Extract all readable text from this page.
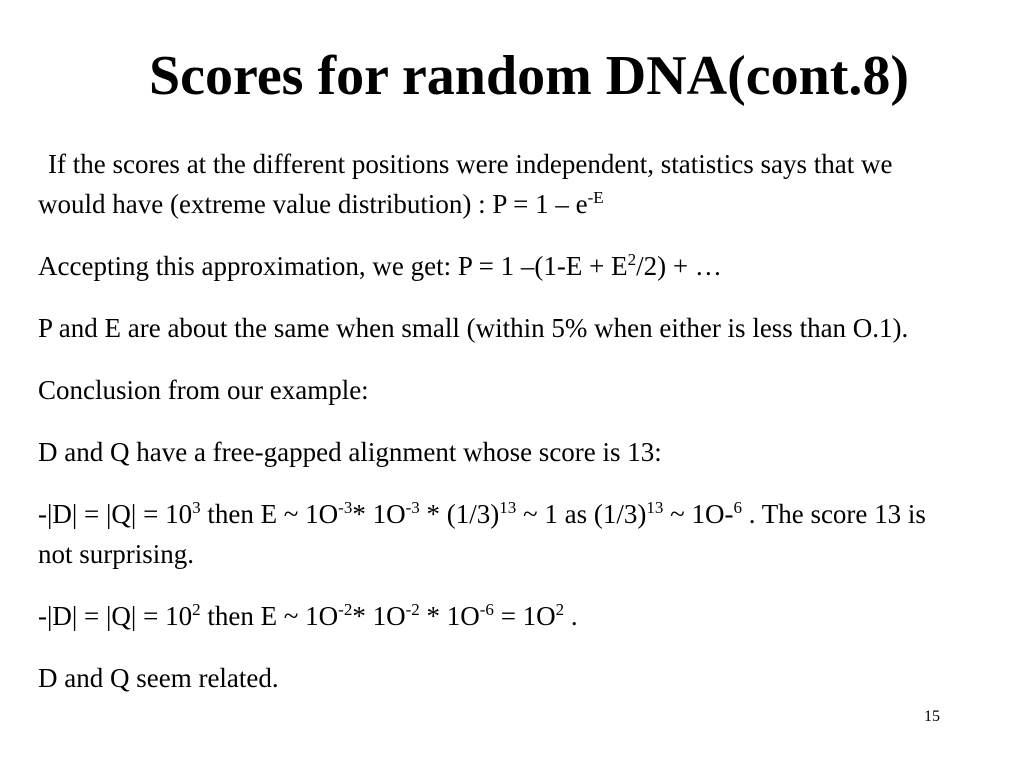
Scores for random DNA(cont.8)

If the scores at the different positions were independent, statistics says that we would have (extreme value distribution) : $P = 1 - e^{-E}$

Accepting this approximation, we get: P = 1 $-(1-E + E^2/2)$ + …

P and E are about the same when small (within 5% when either is less than O.1).

Conclusion from our example:

D and Q have a free-gapped alignment whose score is 13:

$-|D| = |Q| = 10^3$ then E ~ $1O^{-3}*$ $1O^{-3} * (1/3)^{13}$ ~ 1 as $(1/3)^{13}$ ~ 1O-$^6$ . The score 13 is not surprising.

$-|D| = |Q| = 10^2$ then E ~ $1O^{-2}*$ $1O^{-2} * 1O^{-6} = 1O^2$ .

D and Q seem related.

15
